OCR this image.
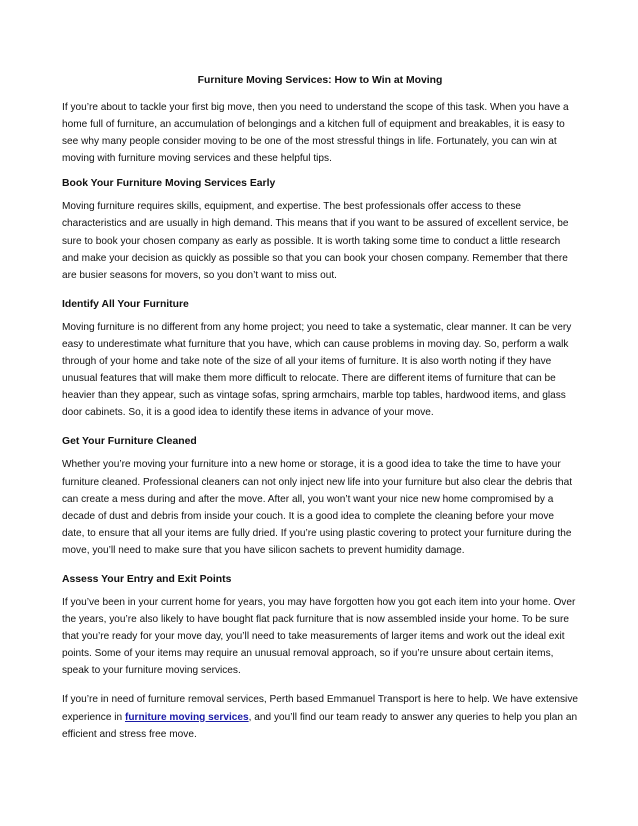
Furniture Moving Services: How to Win at Moving

If you’re about to tackle your first big move, then you need to understand the scope of this task. When you have a home full of furniture, an accumulation of belongings and a kitchen full of equipment and breakables, it is easy to see why many people consider moving to be one of the most stressful things in life. Fortunately, you can win at moving with furniture moving services and these helpful tips.

Book Your Furniture Moving Services Early

Moving furniture requires skills, equipment, and expertise. The best professionals offer access to these characteristics and are usually in high demand. This means that if you want to be assured of excellent service, be sure to book your chosen company as early as possible. It is worth taking some time to conduct a little research and make your decision as quickly as possible so that you can book your chosen company. Remember that there are busier seasons for movers, so you don’t want to miss out.

Identify All Your Furniture

Moving furniture is no different from any home project; you need to take a systematic, clear manner. It can be very easy to underestimate what furniture that you have, which can cause problems in moving day. So, perform a walk through of your home and take note of the size of all your items of furniture. It is also worth noting if they have unusual features that will make them more difficult to relocate. There are different items of furniture that can be heavier than they appear, such as vintage sofas, spring armchairs, marble top tables, hardwood items, and glass door cabinets. So, it is a good idea to identify these items in advance of your move.

Get Your Furniture Cleaned

Whether you’re moving your furniture into a new home or storage, it is a good idea to take the time to have your furniture cleaned. Professional cleaners can not only inject new life into your furniture but also clear the debris that can create a mess during and after the move. After all, you won’t want your nice new home compromised by a decade of dust and debris from inside your couch. It is a good idea to complete the cleaning before your move date, to ensure that all your items are fully dried. If you’re using plastic covering to protect your furniture during the move, you’ll need to make sure that you have silicon sachets to prevent humidity damage.

Assess Your Entry and Exit Points

If you’ve been in your current home for years, you may have forgotten how you got each item into your home. Over the years, you’re also likely to have bought flat pack furniture that is now assembled inside your home. To be sure that you’re ready for your move day, you’ll need to take measurements of larger items and work out the ideal exit points. Some of your items may require an unusual removal approach, so if you’re unsure about certain items, speak to your furniture moving services.

If you’re in need of furniture removal services, Perth based Emmanuel Transport is here to help. We have extensive experience in furniture moving services, and you’ll find our team ready to answer any queries to help you plan an efficient and stress free move.
